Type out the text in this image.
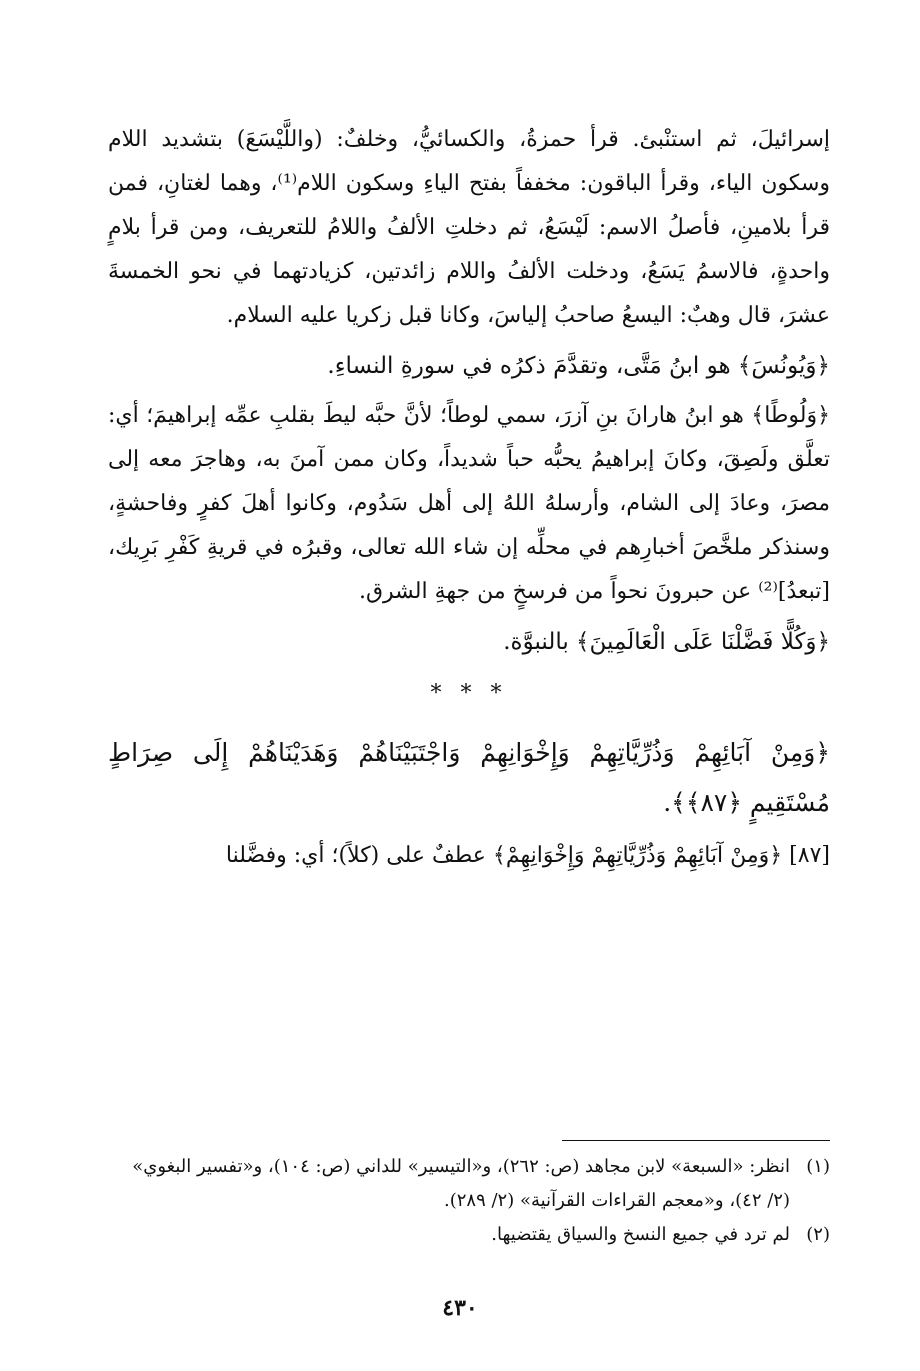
إسرائيلَ، ثم استنْبئ. قرأ حمزةُ، والكسائيُّ، وخلفٌ: (واللَّيْسَعَ) بتشديد اللام وسكون الياء، وقرأ الباقون: مخففاً بفتح الياءِ وسكون اللام⁽¹⁾، وهما لغتانِ، فمن قرأ بلامينِ، فأصلُ الاسم: لَيْسَعُ، ثم دخلتِ الألفُ واللامُ للتعريف، ومن قرأ بلامٍ واحدةٍ، فالاسمُ يَسَعُ، ودخلت الألفُ واللام زائدتين، كزيادتهما في نحو الخمسةَ عشرَ، قال وهبٌ: اليسعُ صاحبُ إلياسَ، وكانا قبل زكريا عليه السلام.

﴿وَيُونُسَ﴾ هو ابنُ مَتَّى، وتقدَّمَ ذكرُه في سورةِ النساءِ.

﴿وَلُوطًا﴾ هو ابنُ هارانَ بنِ آزرَ، سمي لوطاً؛ لأنَّ حبَّه ليطَ بقلبِ عمِّه إبراهيمَ؛ أي: تعلَّق ولَصِقَ، وكانَ إبراهيمُ يحبُّه حباً شديداً، وكان ممن آمنَ به، وهاجرَ معه إلى مصرَ، وعادَ إلى الشام، وأرسلهُ اللهُ إلى أهل سَدُوم، وكانوا أهلَ كفرٍ وفاحشةٍ، وسنذكر ملخَّصَ أخبارِهم في محلِّه إن شاء الله تعالى، وقبرُه في قريةِ كَفْرِ بَرِيك، [تبعدُ]⁽²⁾ عن حبرونَ نحواً من فرسخٍ من جهةِ الشرق.

﴿وَكُلًّا فَضَّلْنَا عَلَى الْعَالَمِينَ﴾ بالنبوَّة.

* * *

﴿وَمِنْ آبَائِهِمْ وَذُرِّيَّاتِهِمْ وَإِخْوَانِهِمْ وَاجْتَبَيْنَاهُمْ وَهَدَيْنَاهُمْ إِلَى صِرَاطٍ مُسْتَقِيمٍ ﴿٨٧﴾﴾.

[٨٧] ﴿وَمِنْ آبَائِهِمْ وَذُرِّيَّاتِهِمْ وَإِخْوَانِهِمْ﴾ عطفٌ على (كلاً)؛ أي: وفضَّلنا

(١)
انظر: «السبعة» لابن مجاهد (ص: ٢٦٢)، و«التيسير» للداني (ص: ١٠٤)، و«تفسير البغوي» (٢/ ٤٢)، و«معجم القراءات القرآنية» (٢/ ٢٨٩).
(٢)
لم ترد في جميع النسخ والسياق يقتضيها.
٤٣٠
